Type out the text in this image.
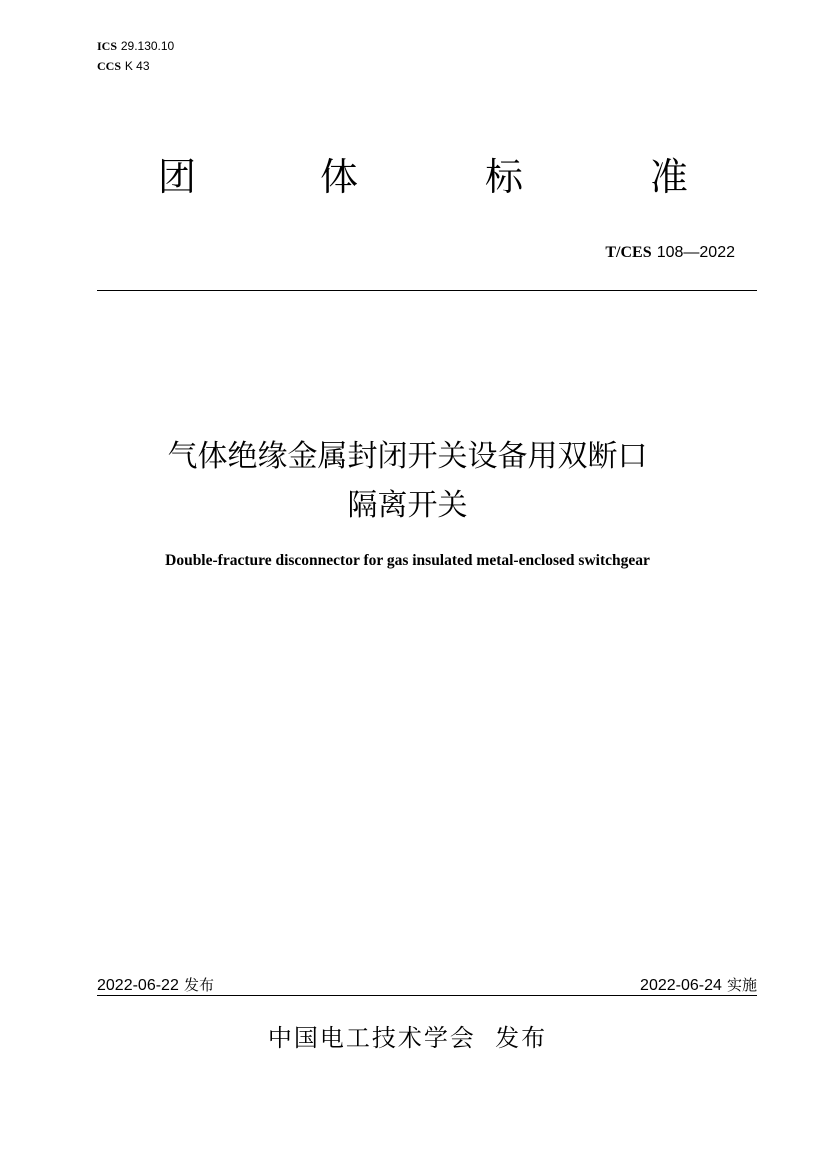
ICS 29.130.10
CCS K 43
团	体	标	准
T/CES 108—2022
气体绝缘金属封闭开关设备用双断口
隔离开关
Double-fracture disconnector for gas insulated metal-enclosed switchgear
2022-06-22 发布	2022-06-24 实施
中国电工技术学会  发布
